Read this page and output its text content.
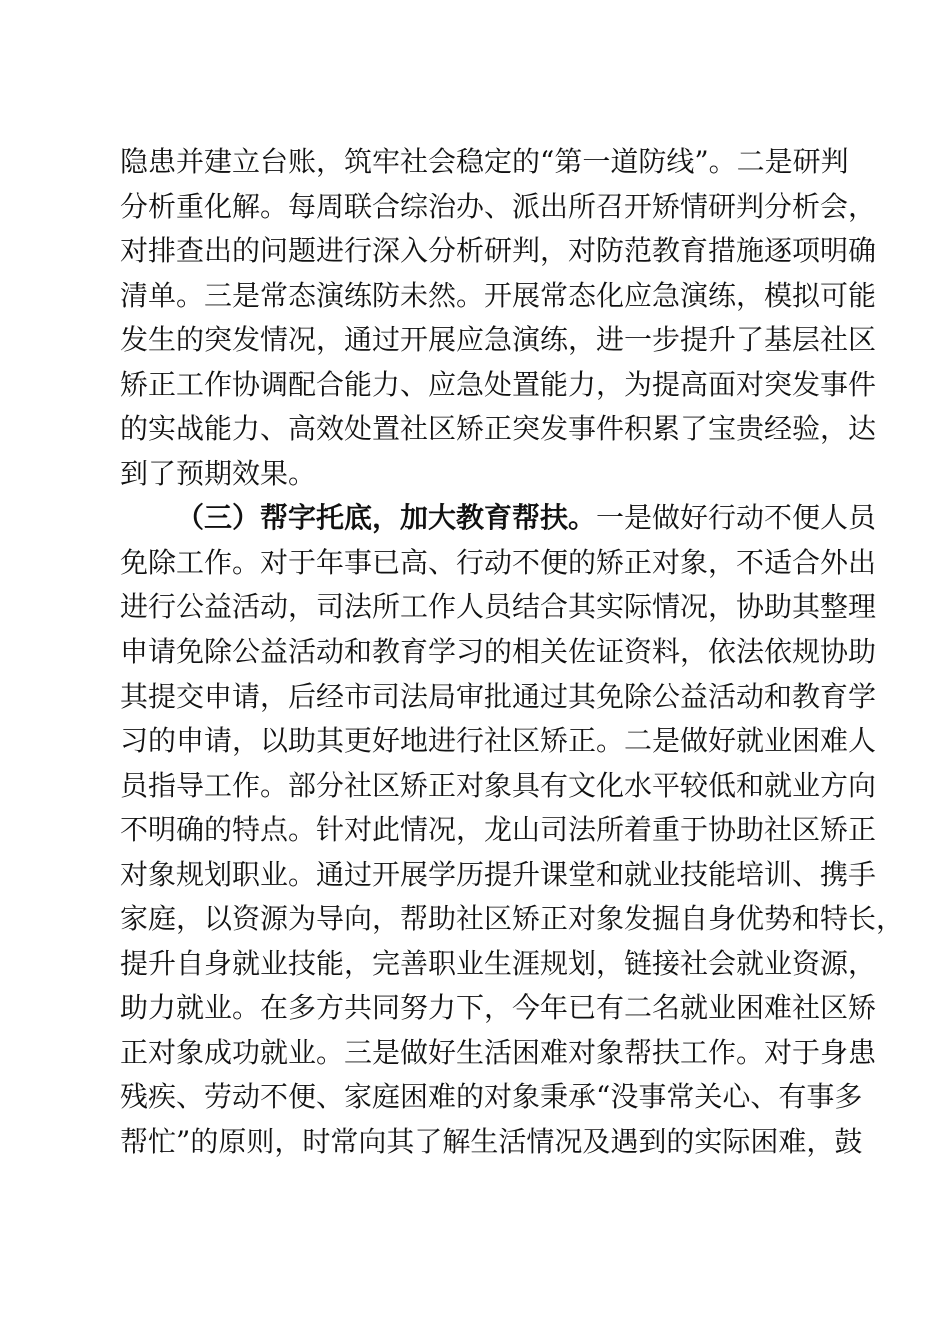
隐患并建立台账，筑牢社会稳定的“第一道防线”。二是研判
分析重化解。每周联合综治办、派出所召开矫情研判分析会，
对排查出的问题进行深入分析研判，对防范教育措施逐项明确
清单。三是常态演练防未然。开展常态化应急演练，模拟可能
发生的突发情况，通过开展应急演练，进一步提升了基层社区
矫正工作协调配合能力、应急处置能力，为提高面对突发事件
的实战能力、高效处置社区矫正突发事件积累了宝贵经验，达
到了预期效果。
（三）帮字托底，加大教育帮扶。一是做好行动不便人员
免除工作。对于年事已高、行动不便的矫正对象，不适合外出
进行公益活动，司法所工作人员结合其实际情况，协助其整理
申请免除公益活动和教育学习的相关佐证资料，依法依规协助
其提交申请，后经市司法局审批通过其免除公益活动和教育学
习的申请，以助其更好地进行社区矫正。二是做好就业困难人
员指导工作。部分社区矫正对象具有文化水平较低和就业方向
不明确的特点。针对此情况，龙山司法所着重于协助社区矫正
对象规划职业。通过开展学历提升课堂和就业技能培训、携手
家庭，以资源为导向，帮助社区矫正对象发掘自身优势和特长，
提升自身就业技能，完善职业生涯规划，链接社会就业资源，
助力就业。在多方共同努力下，今年已有二名就业困难社区矫
正对象成功就业。三是做好生活困难对象帮扶工作。对于身患
残疾、劳动不便、家庭困难的对象秉承“没事常关心、有事多
帮忙”的原则，时常向其了解生活情况及遇到的实际困难，鼓
